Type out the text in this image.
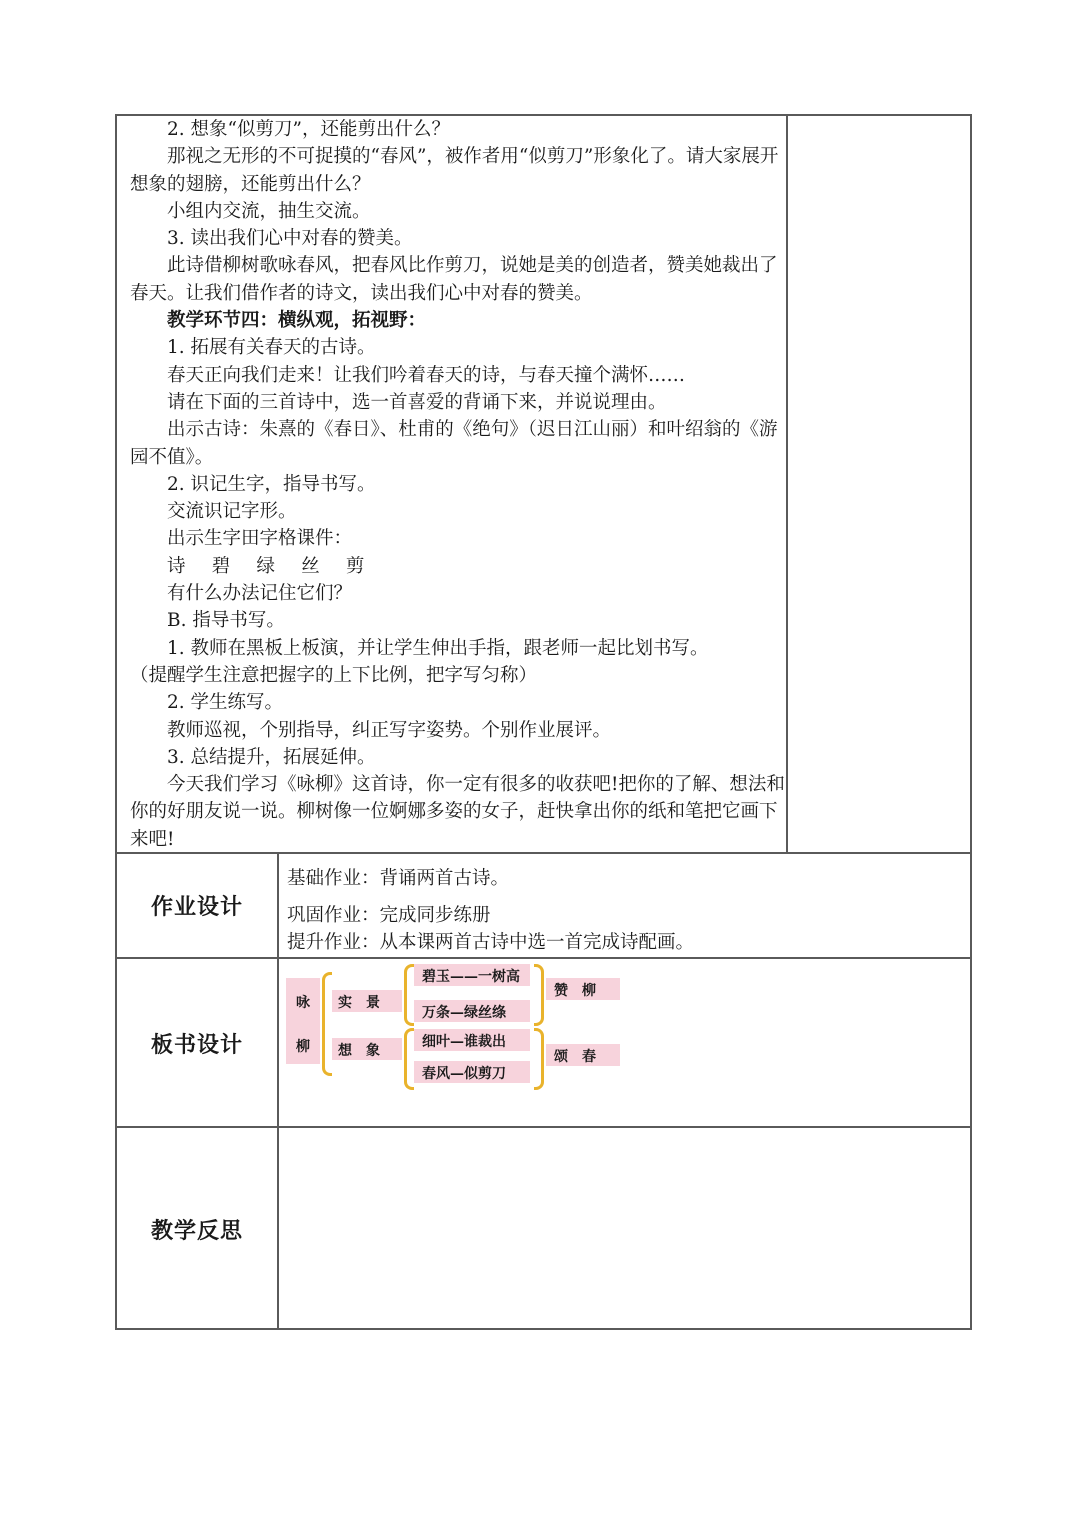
2. 想象“似剪刀”，还能剪出什么？

那视之无形的不可捉摸的“春风”，被作者用“似剪刀”形象化了。请大家展开想象的翅膀，还能剪出什么？

小组内交流，抽生交流。

3. 读出我们心中对春的赞美。

此诗借柳树歌咏春风，把春风比作剪刀，说她是美的创造者，赞美她裁出了春天。让我们借作者的诗文，读出我们心中对春的赞美。

教学环节四：横纵观，拓视野：

1. 拓展有关春天的古诗。

春天正向我们走来！让我们吟着春天的诗，与春天撞个满怀……

请在下面的三首诗中，选一首喜爱的背诵下来，并说说理由。

出示古诗：朱熹的《春日》、杜甫的《绝句》（迟日江山丽）和叶绍翁的《游园不值》。

2. 识记生字，指导书写。

交流识记字形。

出示生字田字格课件：

诗 碧 绿 丝 剪

有什么办法记住它们？

B. 指导书写。

1. 教师在黑板上板演，并让学生伸出手指，跟老师一起比划书写。

（提醒学生注意把握字的上下比例，把字写匀称）

2. 学生练写。

教师巡视，个别指导，纠正写字姿势。个别作业展评。

3. 总结提升，拓展延伸。

今天我们学习《咏柳》这首诗，你一定有很多的收获吧!把你的了解、想法和你的好朋友说一说。柳树像一位婀娜多姿的女子，赶快拿出你的纸和笔把它画下来吧!

作业设计
基础作业：背诵两首古诗。
巩固作业：完成同步练册
提升作业：从本课两首古诗中选一首完成诗配画。
板书设计
咏
柳
实　景
想　象
碧玉——一树高
万条—绿丝绦
细叶—谁裁出
春风—似剪刀
赞　柳
颂　春
教学反思
